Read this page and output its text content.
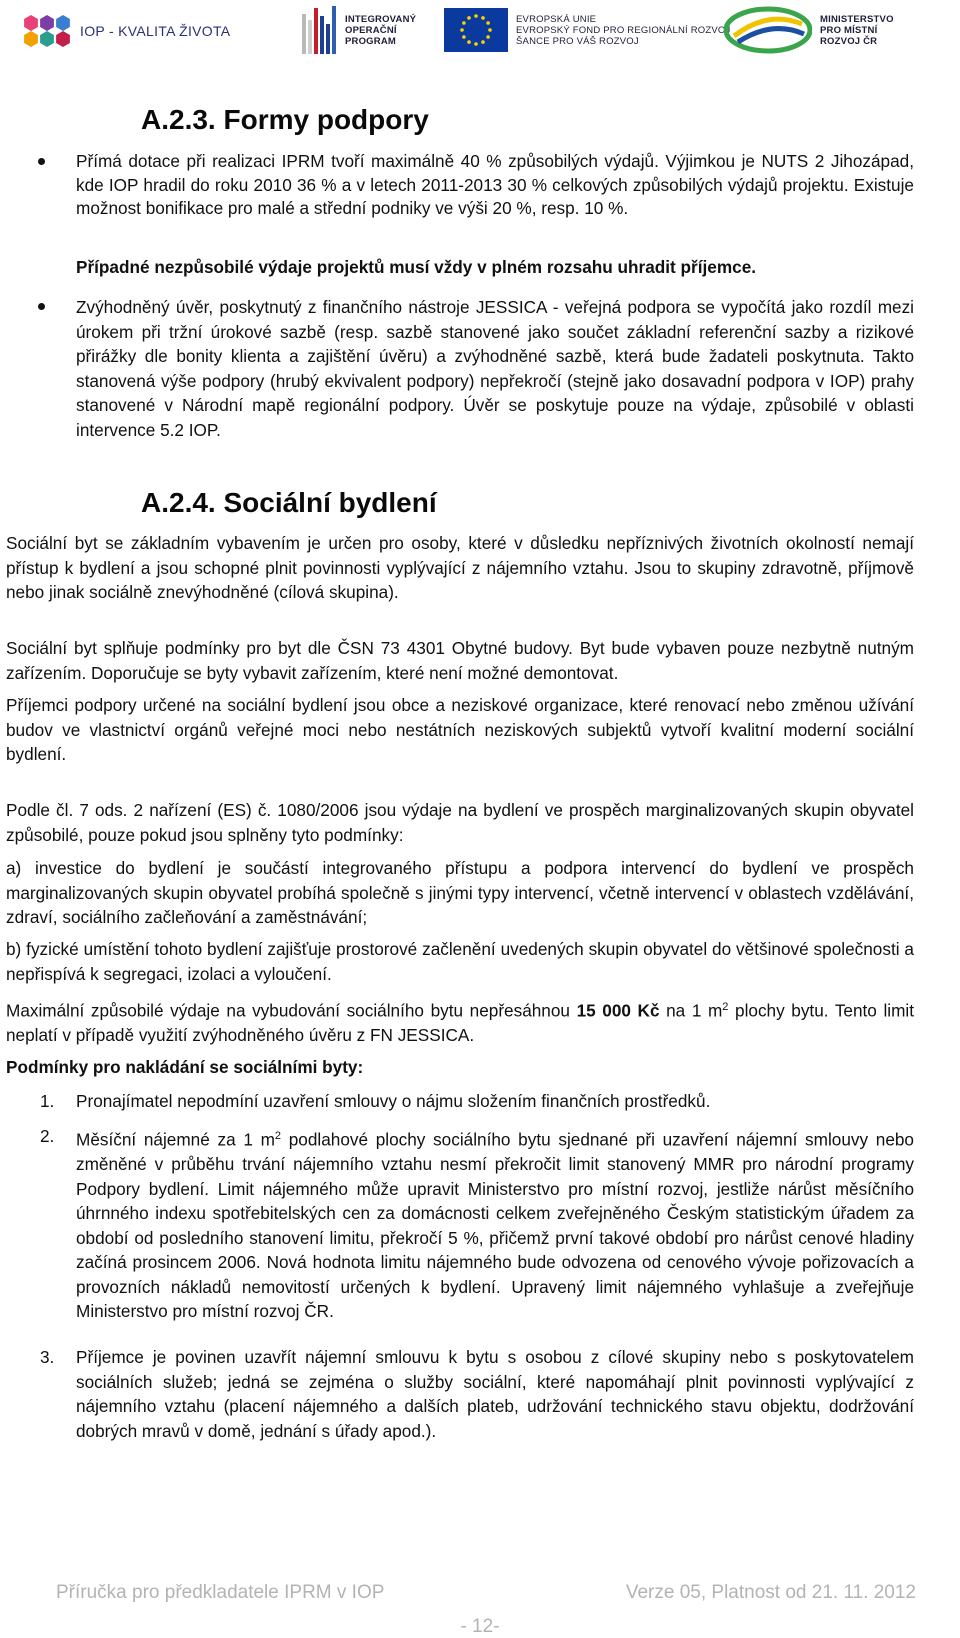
IOP - KVALITA ŽIVOTA
INTEGROVANÝ
OPERAČNÍ
PROGRAM
EVROPSKÁ UNIE
EVROPSKÝ FOND PRO REGIONÁLNÍ ROZVOJ
ŠANCE PRO VÁŠ ROZVOJ
MINISTERSTVO
PRO MÍSTNÍ
ROZVOJ ČR
A.2.3. Formy podpory
Přímá dotace při realizaci IPRM tvoří maximálně 40 % způsobilých výdajů. Výjimkou je NUTS 2 Jihozápad, kde IOP hradil do roku 2010 36 % a v letech 2011-2013 30 % celkových způsobilých výdajů projektu. Existuje možnost bonifikace pro malé a střední podniky ve výši 20 %, resp. 10 %.
Případné nezpůsobilé výdaje projektů musí vždy v plném rozsahu uhradit příjemce.
Zvýhodněný úvěr, poskytnutý z finančního nástroje JESSICA - veřejná podpora se vypočítá jako rozdíl mezi úrokem při tržní úrokové sazbě (resp. sazbě stanovené jako součet základní referenční sazby a rizikové přirážky dle bonity klienta a zajištění úvěru) a zvýhodněné sazbě, která bude žadateli poskytnuta. Takto stanovená výše podpory (hrubý ekvivalent podpory) nepřekročí (stejně jako dosavadní podpora v IOP) prahy stanovené v Národní mapě regionální podpory. Úvěr se poskytuje pouze na výdaje, způsobilé v oblasti intervence 5.2 IOP.
A.2.4. Sociální bydlení
Sociální byt se základním vybavením je určen pro osoby, které v důsledku nepříznivých životních okolností nemají přístup k bydlení a jsou schopné plnit povinnosti vyplývající z nájemního vztahu. Jsou to skupiny zdravotně, příjmově nebo jinak sociálně znevýhodněné (cílová skupina).
Sociální byt splňuje podmínky pro byt dle ČSN 73 4301 Obytné budovy. Byt bude vybaven pouze nezbytně nutným zařízením. Doporučuje se byty vybavit zařízením, které není možné demontovat.
Příjemci podpory určené na sociální bydlení jsou obce a neziskové organizace, které renovací nebo změnou užívání budov ve vlastnictví orgánů veřejné moci nebo nestátních neziskových subjektů vytvoří kvalitní moderní sociální bydlení.
Podle čl. 7 ods. 2 nařízení (ES) č. 1080/2006 jsou výdaje na bydlení ve prospěch marginalizovaných skupin obyvatel způsobilé, pouze pokud jsou splněny tyto podmínky:
a) investice do bydlení je součástí integrovaného přístupu a podpora intervencí do bydlení ve prospěch marginalizovaných skupin obyvatel probíhá společně s jinými typy intervencí, včetně intervencí v oblastech vzdělávání, zdraví, sociálního začleňování a zaměstnávání;
b) fyzické umístění tohoto bydlení zajišťuje prostorové začlenění uvedených skupin obyvatel do většinové společnosti a nepřispívá k segregaci, izolaci a vyloučení.
Maximální způsobilé výdaje na vybudování sociálního bytu nepřesáhnou 15 000 Kč na 1 $m^2$ plochy bytu. Tento limit neplatí v případě využití zvýhodněného úvěru z FN JESSICA.
Podmínky pro nakládání se sociálními byty:
1.	Pronajímatel nepodmíní uzavření smlouvy o nájmu složením finančních prostředků.
2.	Měsíční nájemné za 1 $m^2$ podlahové plochy sociálního bytu sjednané při uzavření nájemní smlouvy nebo změněné v průběhu trvání nájemního vztahu nesmí překročit limit stanovený MMR pro národní programy Podpory bydlení. Limit nájemného může upravit Ministerstvo pro místní rozvoj, jestliže nárůst měsíčního úhrnného indexu spotřebitelských cen za domácnosti celkem zveřejněného Českým statistickým úřadem za období od posledního stanovení limitu, překročí 5 %, přičemž první takové období pro nárůst cenové hladiny začíná prosincem 2006. Nová hodnota limitu nájemného bude odvozena od cenového vývoje pořizovacích a provozních nákladů nemovitostí určených k bydlení. Upravený limit nájemného vyhlašuje a zveřejňuje Ministerstvo pro místní rozvoj ČR.
3.	Příjemce je povinen uzavřít nájemní smlouvu k bytu s osobou z cílové skupiny nebo s poskytovatelem sociálních služeb; jedná se zejména o služby sociální, které napomáhají plnit povinnosti vyplývající z nájemního vztahu (placení nájemného a dalších plateb, udržování technického stavu objektu, dodržování dobrých mravů v domě, jednání s úřady apod.).
Příručka pro předkladatele IPRM v IOP	Verze 05, Platnost od 21. 11. 2012
- 12-
